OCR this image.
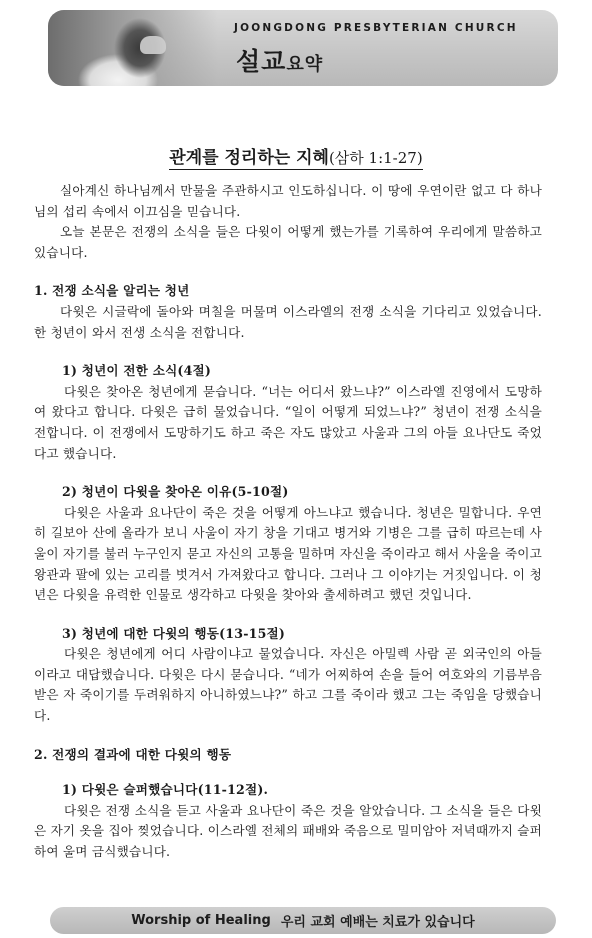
JOONGDONG PRESBYTERIAN CHURCH
설교요약
관계를 정리하는 지혜(삼하 1:1-27)

실아계신 하나님께서 만물을 주관하시고 인도하십니다. 이 땅에 우연이란 없고 다 하나님의 섭리 속에서 이끄심을 믿습니다.

오늘 본문은 전쟁의 소식을 들은 다윗이 어떻게 했는가를 기록하여 우리에게 말씀하고 있습니다.

1. 전쟁 소식을 알리는 청년

다윗은 시글락에 돌아와 며칠을 머물며 이스라엘의 전쟁 소식을 기다리고 있었습니다. 한 청년이 와서 전생 소식을 전합니다.

1) 청년이 전한 소식(4절)

다윗은 찾아온 청년에게 묻습니다. “너는 어디서 왔느냐?” 이스라엘 진영에서 도망하여 왔다고 합니다. 다윗은 급히 물었습니다. “일이 어떻게 되었느냐?” 청년이 전쟁 소식을 전합니다. 이 전쟁에서 도망하기도 하고 죽은 자도 많았고 사울과 그의 아들 요나단도 죽었다고 했습니다.

2) 청년이 다윗을 찾아온 이유(5-10절)

다윗은 사울과 요나단이 죽은 것을 어떻게 아느냐고 했습니다. 청년은 밀합니다. 우연히 길보아 산에 올라가 보니 사울이 자기 창을 기대고 병거와 기병은 그를 급히 따르는데 사울이 자기를 불러 누구인지 묻고 자신의 고통을 밀하며 자신을 죽이라고 해서 사울을 죽이고 왕관과 팔에 있는 고리를 벗겨서 가져왔다고 합니다. 그러나 그 이야기는 거짓입니다. 이 청년은 다윗을 유력한 인물로 생각하고 다윗을 찾아와 출세하려고 했던 것입니다.

3) 청년에 대한 다윗의 행동(13-15절)

다윗은 청년에게 어디 사람이냐고 물었습니다. 자신은 아밀렉 사람 곧 외국인의 아들이라고 대답했습니다. 다윗은 다시 묻습니다. “네가 어찌하여 손을 들어 여호와의 기름부음 받은 자 죽이기를 두려워하지 아니하였느냐?” 하고 그를 죽이라 했고 그는 죽임을 당했습니다.

2. 전쟁의 결과에 대한 다윗의 행동

1) 다윗은 슬퍼했습니다(11-12절).

다윗은 전쟁 소식을 듣고 사울과 요나단이 죽은 것을 알았습니다. 그 소식을 들은 다윗은 자기 옷을 집아 찢었습니다. 이스라엘 전체의 패배와 죽음으로 밀미암아 저녁때까지 슬퍼하여 울며 금식했습니다.

Worship of Healing 우리 교회 예배는 치료가 있습니다
